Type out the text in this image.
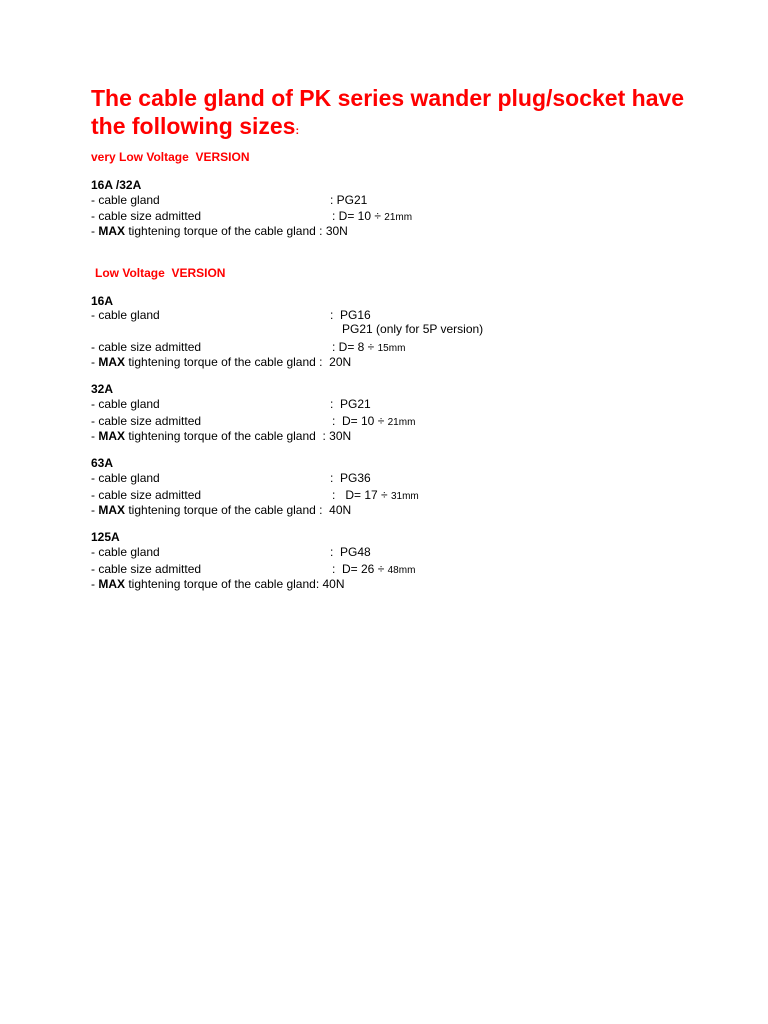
The cable gland of PK series wander plug/socket have the following sizes:
very Low Voltage  VERSION
16A /32A

- cable gland

	: PG21

- cable size admitted

	: D= 10 ÷ 21mm

- MAX tightening torque of the cable gland : 30N

Low Voltage  VERSION
16A

- cable gland

	:  PG16

PG21 (only for 5P version)

- cable size admitted

	: D= 8 ÷ 15mm

- MAX tightening torque of the cable gland :  20N

32A

- cable gland

	:  PG21

- cable size admitted

	:  D= 10 ÷ 21mm

- MAX tightening torque of the cable gland  : 30N

63A

- cable gland

	:  PG36

- cable size admitted

	:   D= 17 ÷ 31mm

- MAX tightening torque of the cable gland :  40N

125A

- cable gland

	:  PG48

- cable size admitted

	:  D= 26 ÷ 48mm

- MAX tightening torque of the cable gland: 40N
